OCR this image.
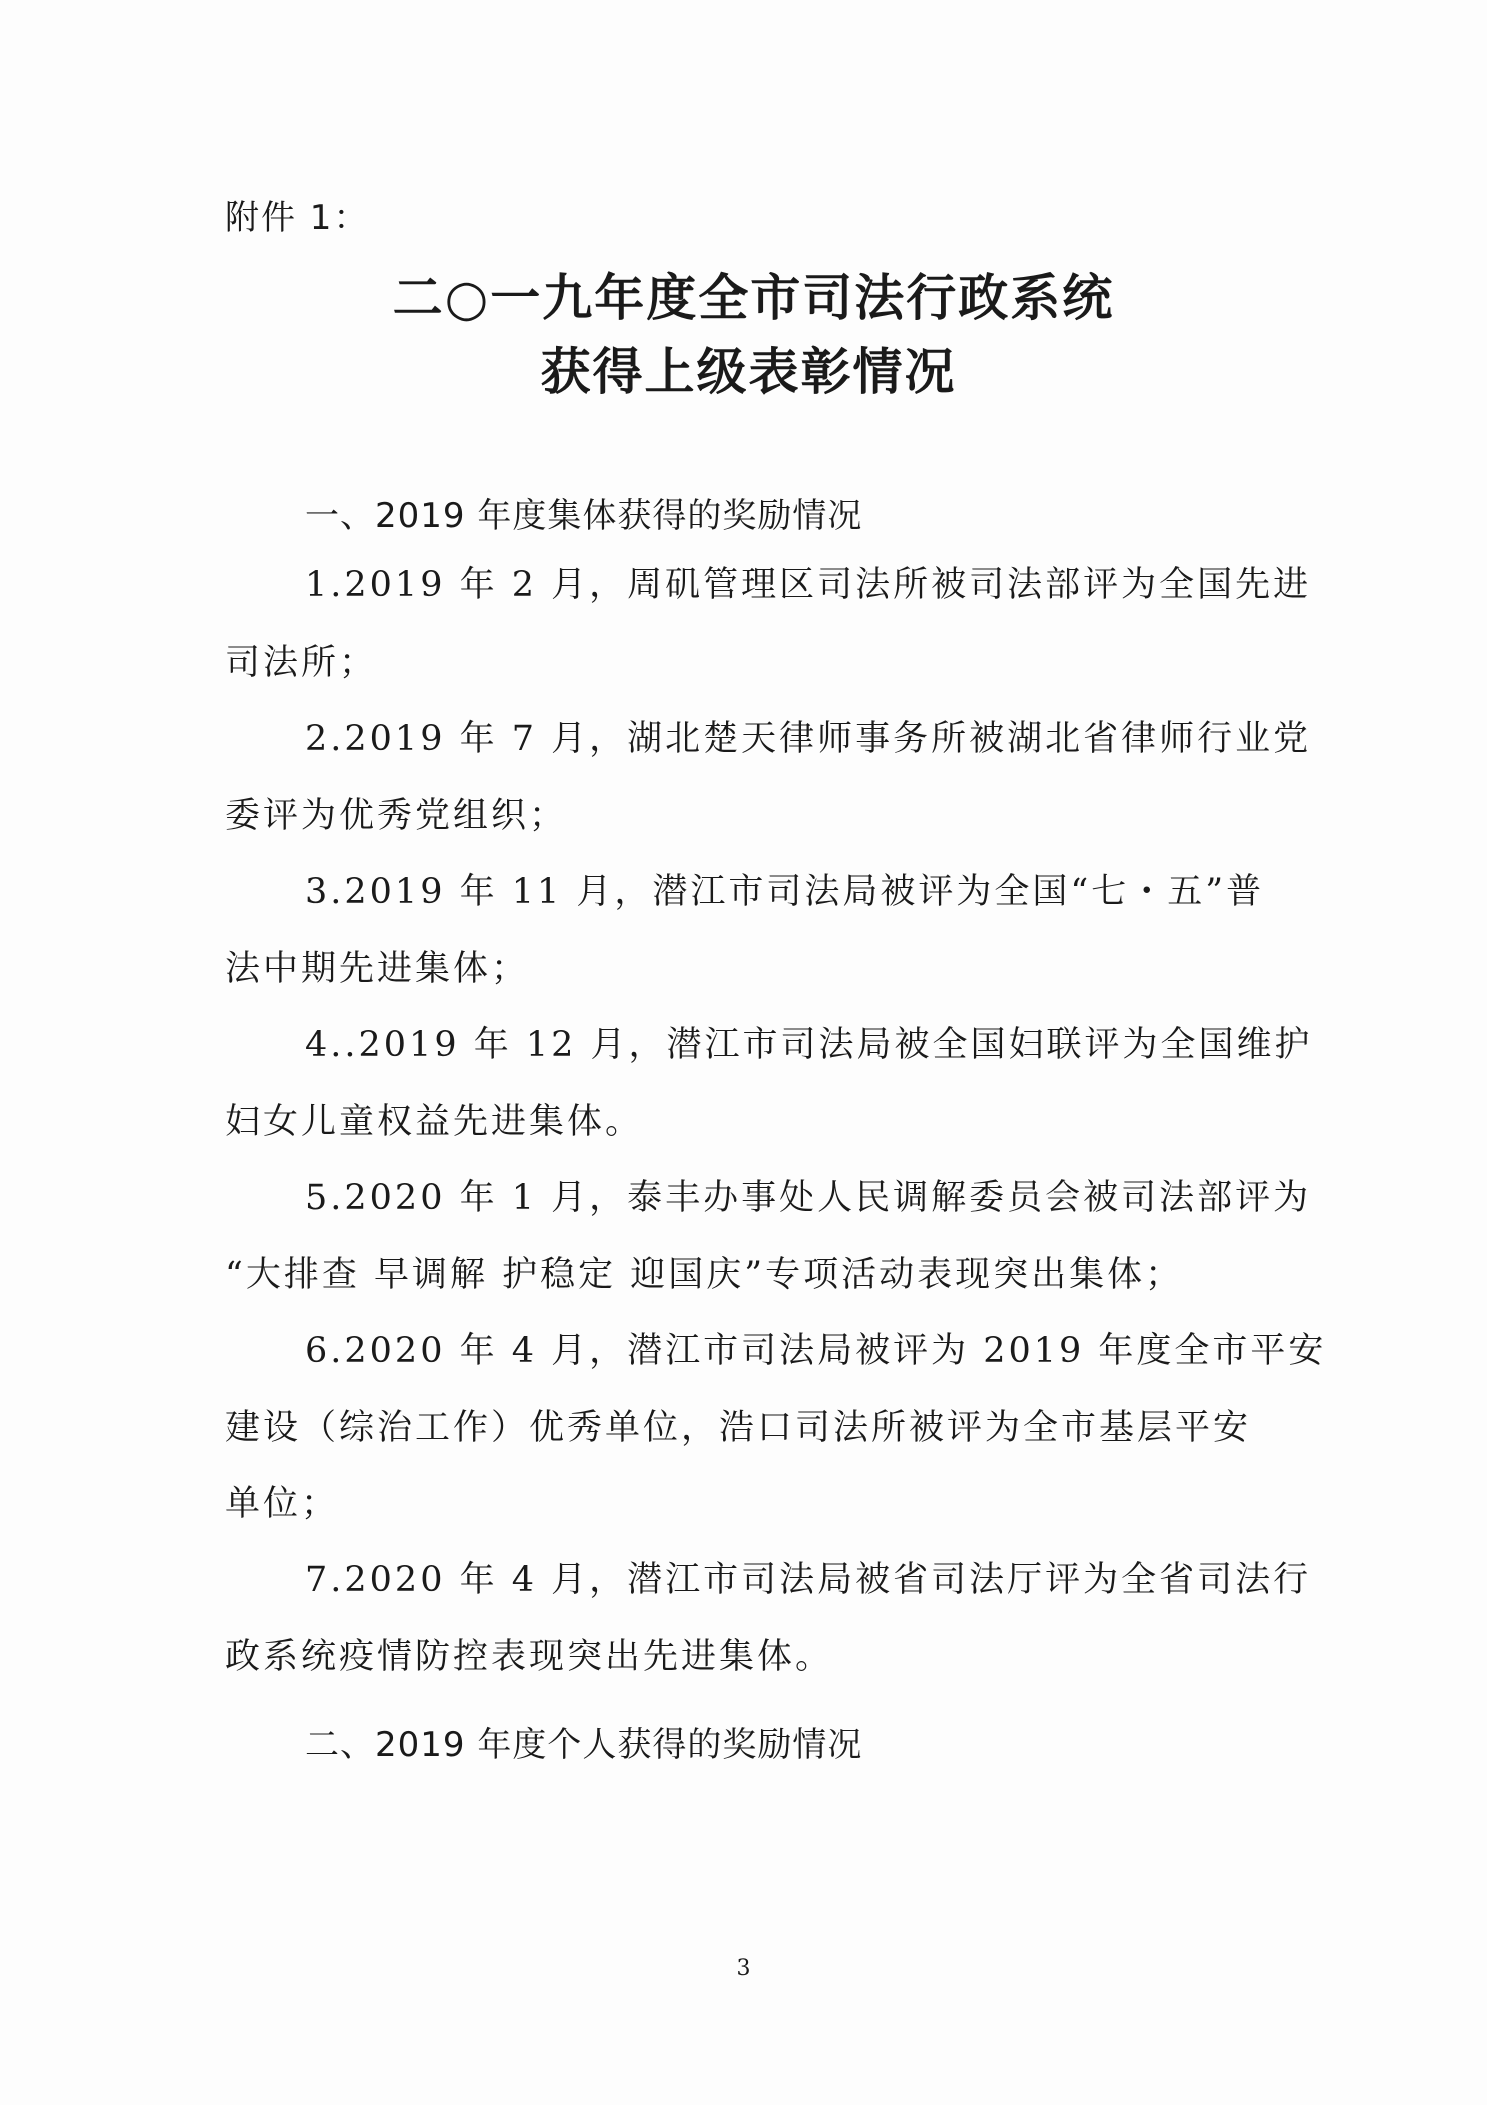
附件 1：
二○一九年度全市司法行政系统
获得上级表彰情况
一、2019 年度集体获得的奖励情况
1.2019 年 2 月，周矶管理区司法所被司法部评为全国先进
司法所；
2.2019 年 7 月，湖北楚天律师事务所被湖北省律师行业党
委评为优秀党组织；
3.2019 年 11 月，潜江市司法局被评为全国“七・五”普
法中期先进集体；
4..2019 年 12 月，潜江市司法局被全国妇联评为全国维护
妇女儿童权益先进集体。
5.2020 年 1 月，泰丰办事处人民调解委员会被司法部评为
“大排查 早调解 护稳定 迎国庆”专项活动表现突出集体；
6.2020 年 4 月，潜江市司法局被评为 2019 年度全市平安
建设（综治工作）优秀单位，浩口司法所被评为全市基层平安
单位；
7.2020 年 4 月，潜江市司法局被省司法厅评为全省司法行
政系统疫情防控表现突出先进集体。
二、2019 年度个人获得的奖励情况
3
